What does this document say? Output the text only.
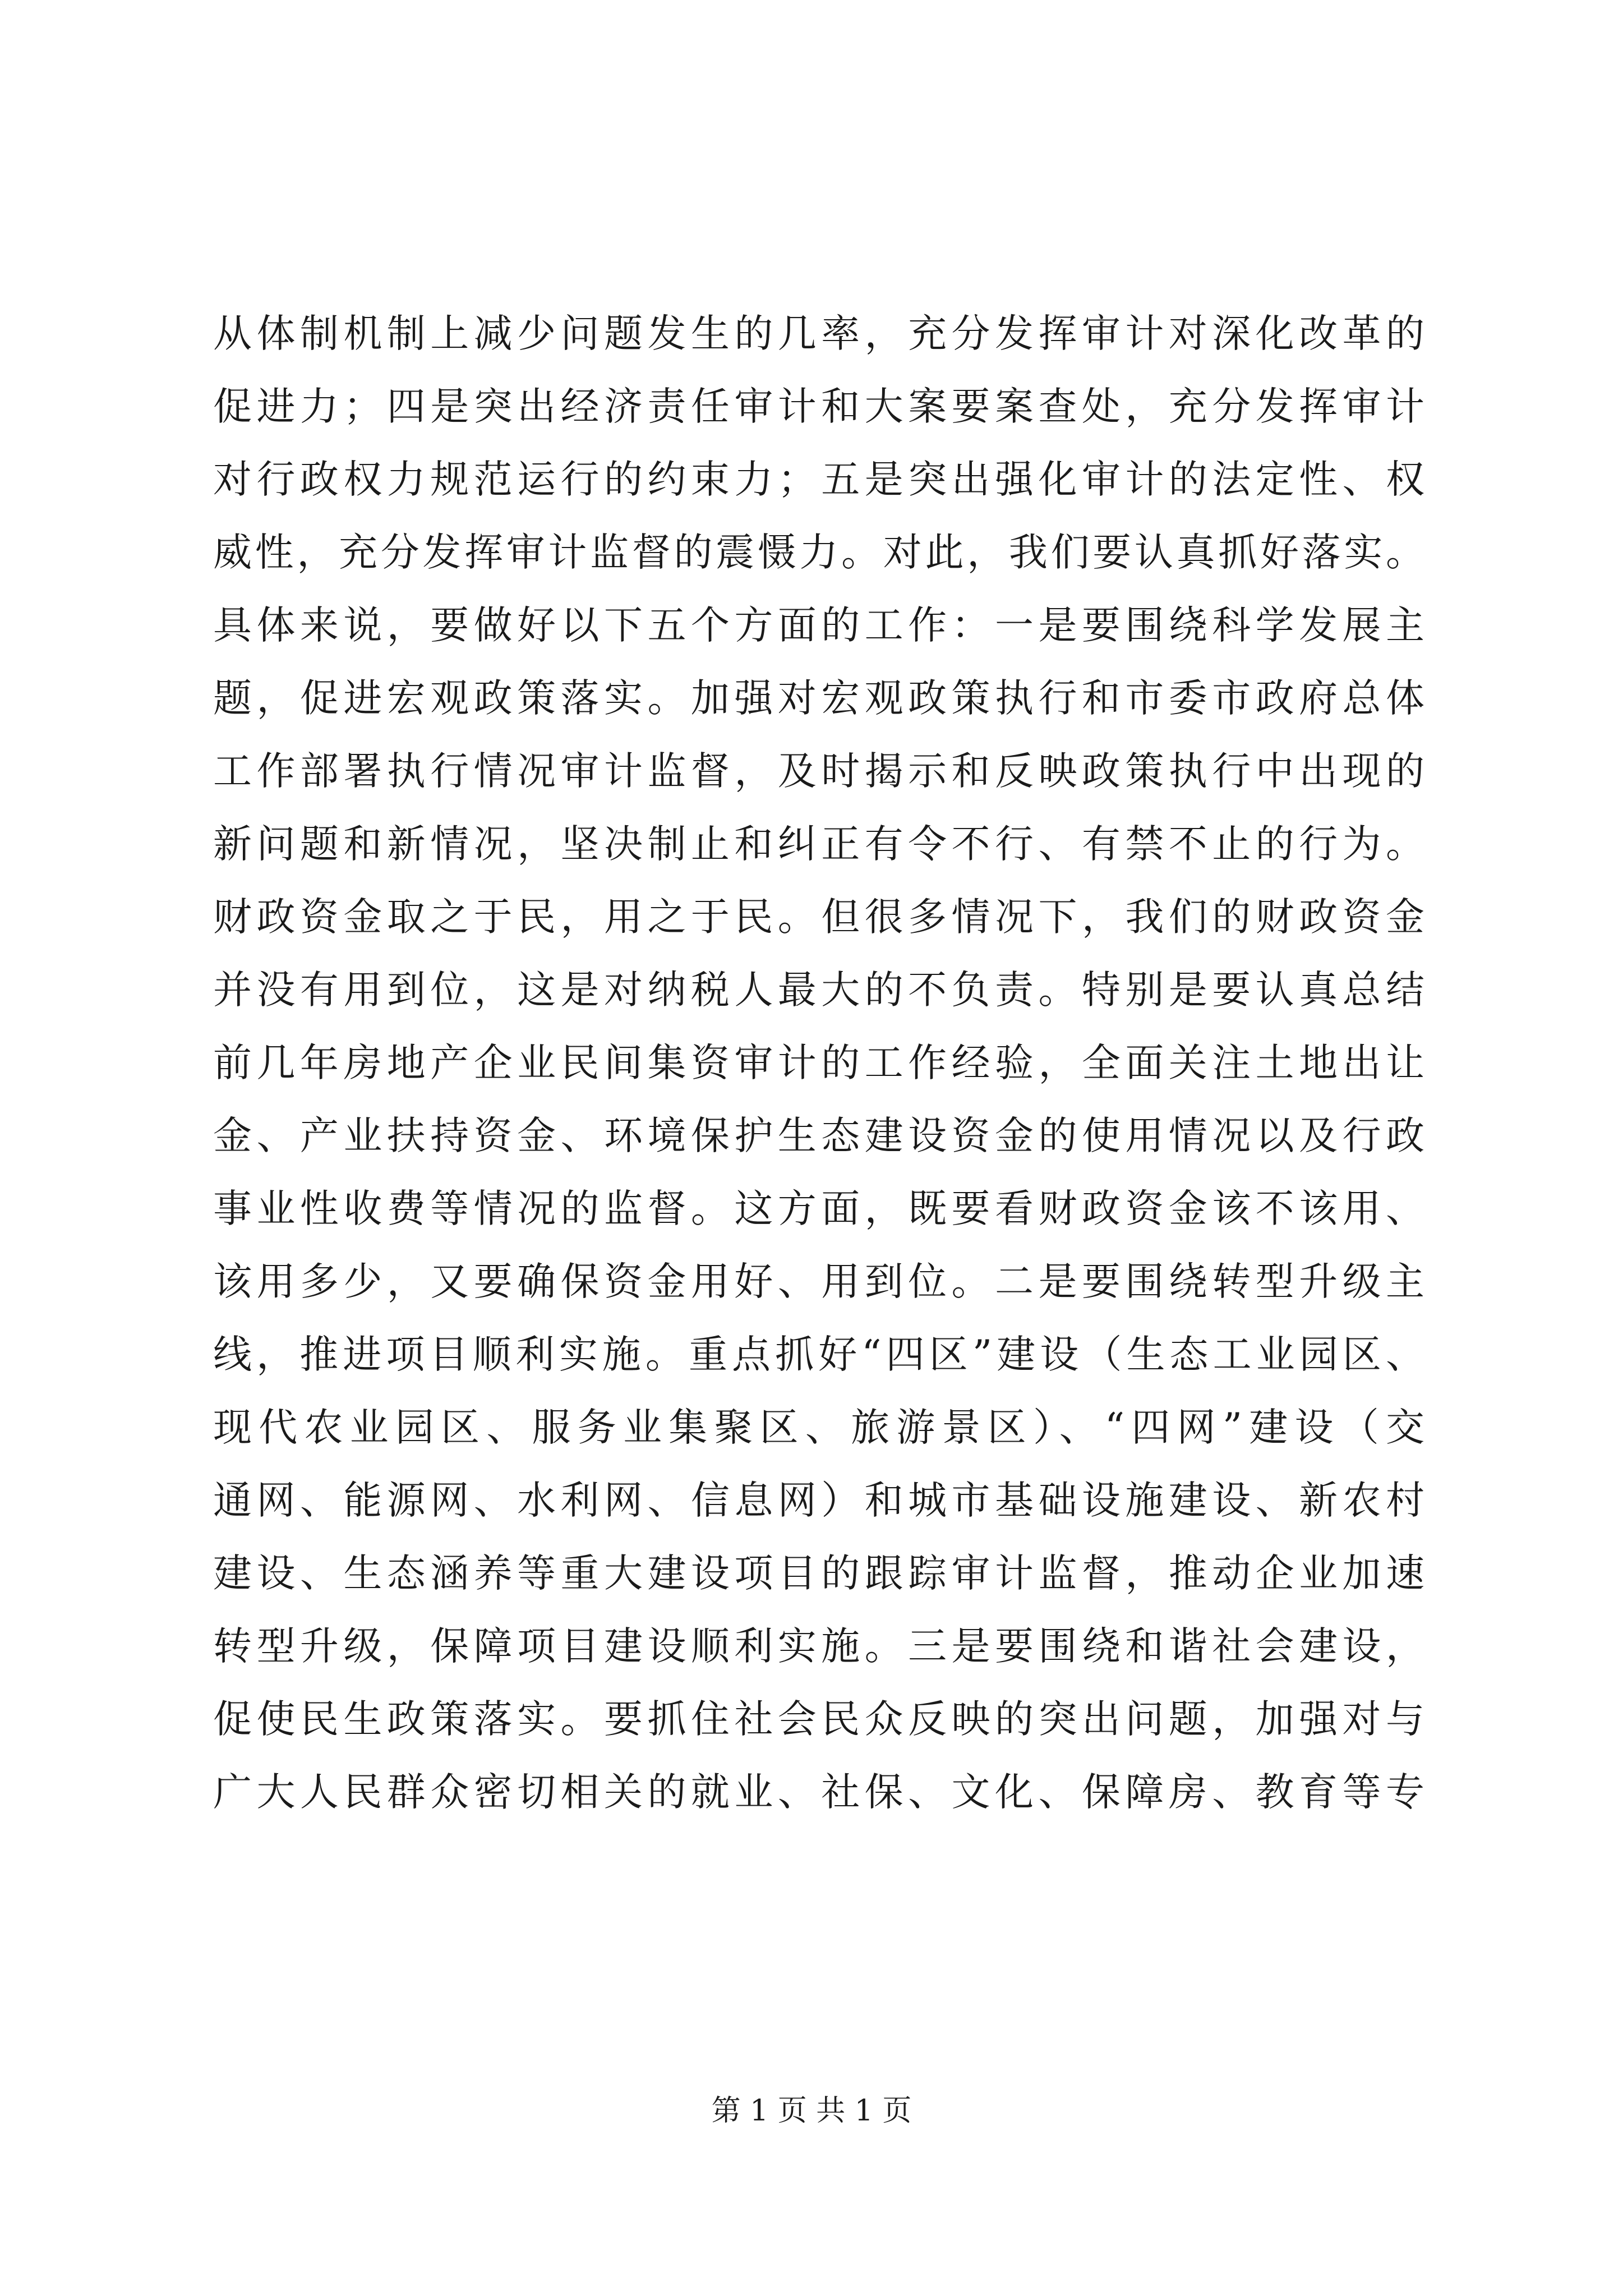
从体制机制上减少问题发生的几率，充分发挥审计对深化改革的
促进力；四是突出经济责任审计和大案要案查处，充分发挥审计
对行政权力规范运行的约束力；五是突出强化审计的法定性、权
威性，充分发挥审计监督的震慑力。对此，我们要认真抓好落实。
具体来说，要做好以下五个方面的工作：一是要围绕科学发展主
题，促进宏观政策落实。加强对宏观政策执行和市委市政府总体
工作部署执行情况审计监督，及时揭示和反映政策执行中出现的
新问题和新情况，坚决制止和纠正有令不行、有禁不止的行为。
财政资金取之于民，用之于民。但很多情况下，我们的财政资金
并没有用到位，这是对纳税人最大的不负责。特别是要认真总结
前几年房地产企业民间集资审计的工作经验，全面关注土地出让
金、产业扶持资金、环境保护生态建设资金的使用情况以及行政
事业性收费等情况的监督。这方面，既要看财政资金该不该用、
该用多少，又要确保资金用好、用到位。二是要围绕转型升级主
线，推进项目顺利实施。重点抓好“四区”建设（生态工业园区、
现代农业园区、服务业集聚区、旅游景区）、“四网”建设（交
通网、能源网、水利网、信息网）和城市基础设施建设、新农村
建设、生态涵养等重大建设项目的跟踪审计监督，推动企业加速
转型升级，保障项目建设顺利实施。三是要围绕和谐社会建设，
促使民生政策落实。要抓住社会民众反映的突出问题，加强对与
广大人民群众密切相关的就业、社保、文化、保障房、教育等专
第 1 页 共 1 页
